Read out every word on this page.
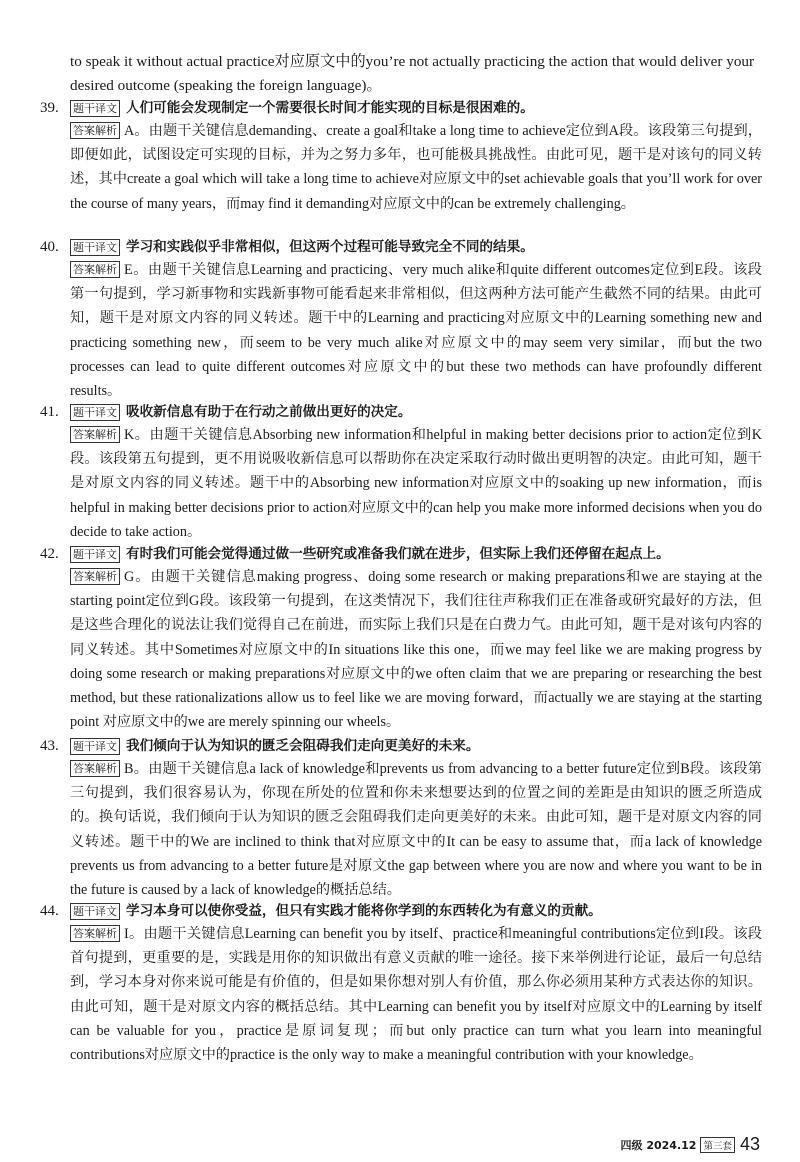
to speak it without actual practice对应原文中的you’re not actually practicing the action that would deliver your desired outcome (speaking the foreign language)。
39.	题干译文 人们可能会发现制定一个需要很长时间才能实现的目标是很困难的。
答案解析 A。由题干关键信息demanding、create a goal和take a long time to achieve定位到A段。该段第三句提到，即便如此，试图设定可实现的目标，并为之努力多年，也可能极具挑战性。由此可见，题干是对该句的同义转述，其中create a goal which will take a long time to achieve对应原文中的set achievable goals that you’ll work for over the course of many years，而may find it demanding对应原文中的can be extremely challenging。
40.	题干译文 学习和实践似乎非常相似，但这两个过程可能导致完全不同的结果。
答案解析 E。由题干关键信息Learning and practicing、very much alike和quite different outcomes定位到E段。该段第一句提到，学习新事物和实践新事物可能看起来非常相似，但这两种方法可能产生截然不同的结果。由此可知，题干是对原文内容的同义转述。题干中的Learning and practicing对应原文中的Learning something new and practicing something new，而seem to be very much alike对应原文中的may seem very similar，而but the two processes can lead to quite different outcomes对应原文中的but these two methods can have profoundly different results。
41.	题干译文 吸收新信息有助于在行动之前做出更好的决定。
答案解析 K。由题干关键信息Absorbing new information和helpful in making better decisions prior to action定位到K段。该段第五句提到，更不用说吸收新信息可以帮助你在决定采取行动时做出更明智的决定。由此可知，题干是对原文内容的同义转述。题干中的Absorbing new information对应原文中的soaking up new information，而is helpful in making better decisions prior to action对应原文中的can help you make more informed decisions when you do decide to take action。
42.	题干译文 有时我们可能会觉得通过做一些研究或准备我们就在进步，但实际上我们还停留在起点上。
答案解析 G。由题干关键信息making progress、doing some research or making preparations和we are staying at the starting point定位到G段。该段第一句提到，在这类情况下，我们往往声称我们正在准备或研究最好的方法，但是这些合理化的说法让我们觉得自己在前进，而实际上我们只是在白费力气。由此可知，题干是对该句内容的同义转述。其中Sometimes对应原文中的In situations like this one，而we may feel like we are making progress by doing some research or making preparations对应原文中的we often claim that we are preparing or researching the best method, but these rationalizations allow us to feel like we are moving forward，而actually we are staying at the starting point 对应原文中的we are merely spinning our wheels。
43.	题干译文 我们倾向于认为知识的匮乏会阻碍我们走向更美好的未来。
答案解析 B。由题干关键信息a lack of knowledge和prevents us from advancing to a better future定位到B段。该段第三句提到，我们很容易认为，你现在所处的位置和你未来想要达到的位置之间的差距是由知识的匮乏所造成的。换句话说，我们倾向于认为知识的匮乏会阻碍我们走向更美好的未来。由此可知，题干是对原文内容的同义转述。题干中的We are inclined to think that对应原文中的It can be easy to assume that，而a lack of knowledge prevents us from advancing to a better future是对原文the gap between where you are now and where you want to be in the future is caused by a lack of knowledge的概括总结。
44.	题干译文 学习本身可以使你受益，但只有实践才能将你学到的东西转化为有意义的贡献。
答案解析 I。由题干关键信息Learning can benefit you by itself、practice和meaningful contributions定位到I段。该段首句提到，更重要的是，实践是用你的知识做出有意义贡献的唯一途径。接下来举例进行论证，最后一句总结到，学习本身对你来说可能是有价值的，但是如果你想对别人有价值，那么你必须用某种方式表达你的知识。由此可知，题干是对原文内容的概括总结。其中Learning can benefit you by itself对应原文中的Learning by itself can be valuable for you，practice是原词复现；而but only practice can turn what you learn into meaningful contributions对应原文中的practice is the only way to make a meaningful contribution with your knowledge。
四级 2024.12 第三套 43
